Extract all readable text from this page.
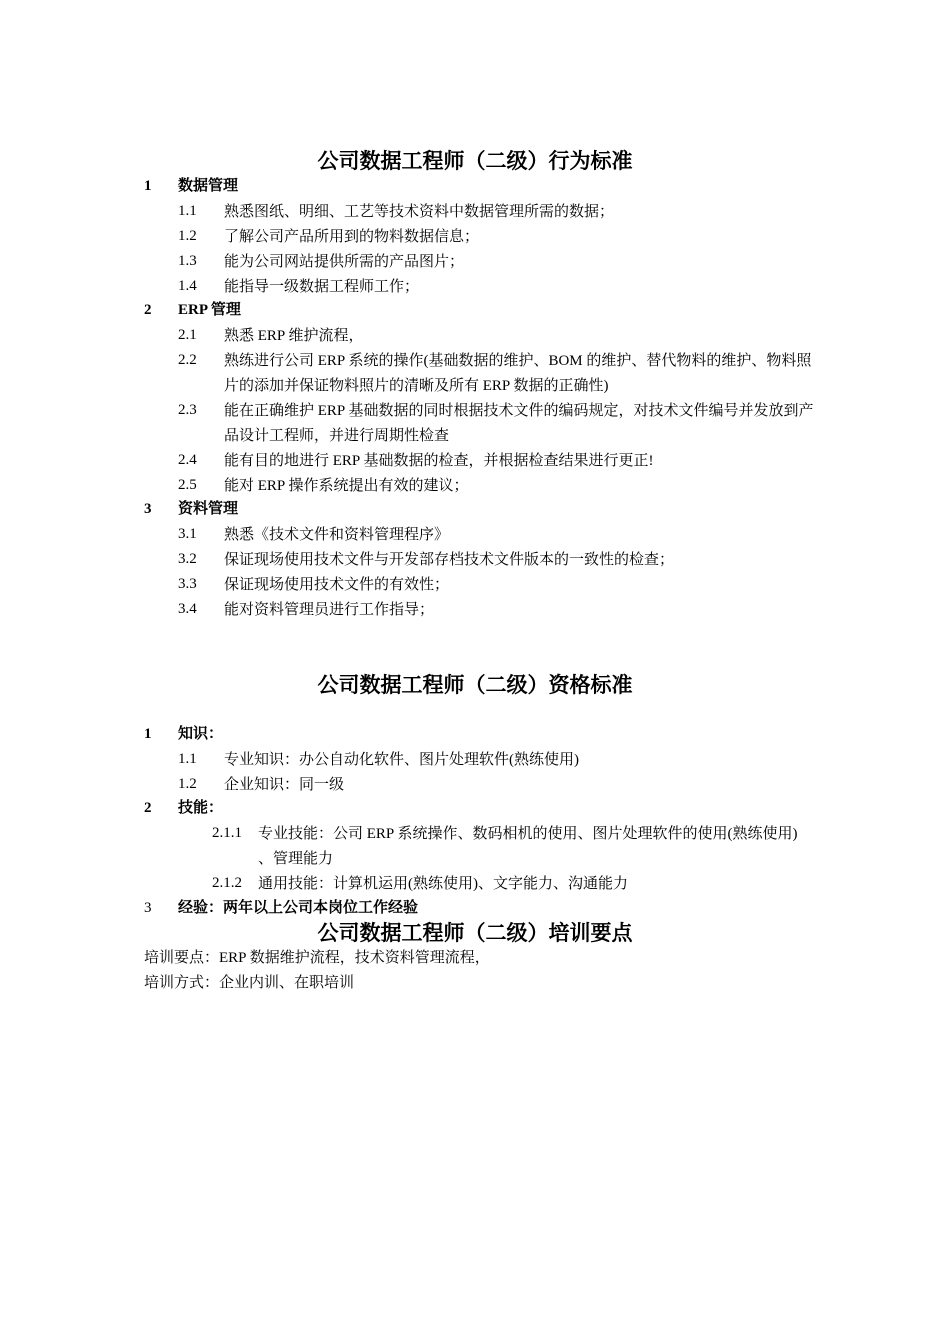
公司数据工程师（二级）行为标准
1 数据管理
1.1 熟悉图纸、明细、工艺等技术资料中数据管理所需的数据；
1.2 了解公司产品所用到的物料数据信息；
1.3 能为公司网站提供所需的产品图片；
1.4 能指导一级数据工程师工作；
2 ERP 管理
2.1 熟悉 ERP 维护流程，
2.2 熟练进行公司 ERP 系统的操作(基础数据的维护、BOM 的维护、替代物料的维护、物料照片的添加并保证物料照片的清晰及所有 ERP 数据的正确性)
2.3 能在正确维护 ERP 基础数据的同时根据技术文件的编码规定，对技术文件编号并发放到产品设计工程师，并进行周期性检查
2.4 能有目的地进行 ERP 基础数据的检查，并根据检查结果进行更正!
2.5 能对 ERP 操作系统提出有效的建议；
3 资料管理
3.1 熟悉《技术文件和资料管理程序》
3.2 保证现场使用技术文件与开发部存档技术文件版本的一致性的检查；
3.3 保证现场使用技术文件的有效性；
3.4 能对资料管理员进行工作指导；
公司数据工程师（二级）资格标准
1 知识：
1.1 专业知识：办公自动化软件、图片处理软件(熟练使用)
1.2 企业知识：同一级
2 技能：
2.1.1 专业技能：公司 ERP 系统操作、数码相机的使用、图片处理软件的使用(熟练使用) 、管理能力
2.1.2 通用技能：计算机运用(熟练使用)、文字能力、沟通能力
3 经验：两年以上公司本岗位工作经验
公司数据工程师（二级）培训要点
培训要点：ERP 数据维护流程，技术资料管理流程，
培训方式：企业内训、在职培训
